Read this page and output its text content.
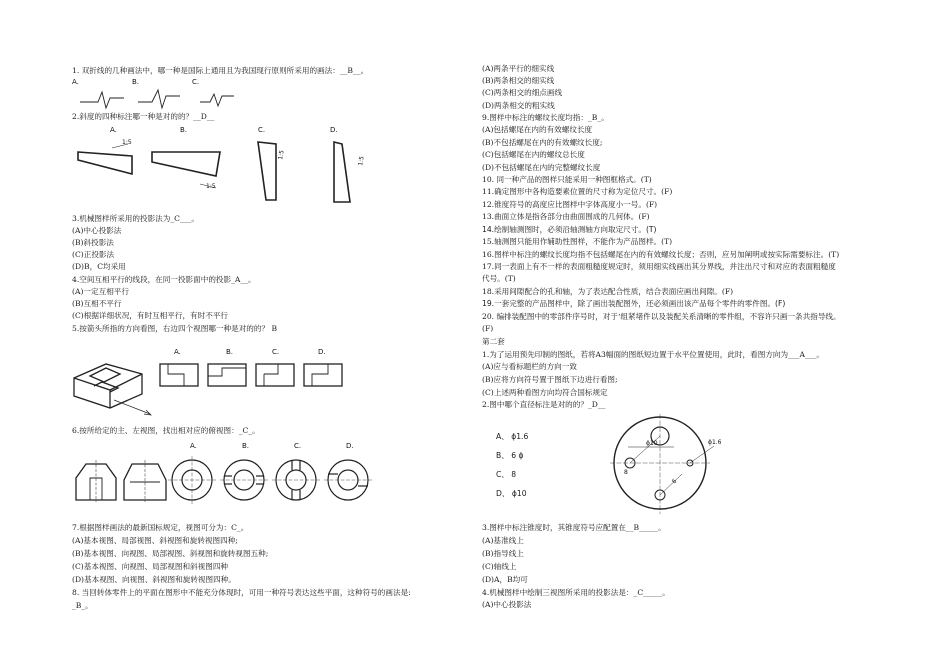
1. 双折线的几种画法中，哪一种是国际上通用且为我国现行原则所采用的画法：__B__。
A.	B.	C.
2.斜度的四种标注哪一种是对的的？__D__
A.	B.	C.	D.
1:5
1:5
1:5
1:5
3.机械图样所采用的投影法为_C___。
(A)中心投影法
(B)斜投影法
(C)正投影法
(D)B，C均采用
4.空间互相平行的线段，在同一投影面中的投影_A__。
(A)一定互相平行
(B)互相不平行
(C)根据详细状况，有时互相平行，有时不平行
5.按箭头所指的方向看图，右边四个视图哪一种是对的的？ B
A.	B.	C.	D.
6.按所给定的主、左视图，找出相对应的俯视图：_C_。
A.	B.	C.	D.
7.根据图样画法的最新国标规定，视图可分为：C_。
(A)基本视图、局部视图、斜视图和旋转视图四种;
(B)基本视图、向视图、局部视图、斜视图和旋转视图五种;
(C)基本视图、向视图、局部视图和斜视图四种
(D)基本视图、向视图、斜视图和旋转视图四种。
8. 当回转体零件上的平面在图形中不能充分体现时，可用一种符号表达这些平面，这种符号的画法是:
_B_。
(A)两条平行的细实线
(B)两条相交的细实线
(C)两条相交的细点画线
(D)两条相交的粗实线
9.图样中标注的螺纹长度均指：_B_。
(A)包括螺尾在内的有效螺纹长度
(B)不包括螺尾在内的有效螺纹长度;
(C)包括螺尾在内的螺纹总长度
(D)不包括螺尾在内的完整螺纹长度
10. 同一种产品的图样只能采用一种图框格式。(T)
11.确定图形中各构造要素位置的尺寸称为定位尺寸。(F)
12.锥度符号的高度应比图样中字体高度小一号。(F)
13.曲面立体是指各部分由曲面围成的几何体。(F)
14.绘制轴测图时，必须沿轴测轴方向取定尺寸。(T)
15.轴测图只能用作辅助性图样，不能作为产品图样。(T)
16.图样中标注的螺纹长度均指不包括螺尾在内的有效螺纹长度；否则，应另加阐明或按实际需要标注。(T)
17.同一表面上有不一样的表面粗糙度规定时，须用细实线画出其分界线，并注出尺寸和对应的表面粗糙度
代号。(T)
18.采用间隙配合的孔和轴，为了表达配合性质，结合表面应画出间隙。(F)
19.一套完整的产品图样中，除了画出装配图外，还必须画出该产品每个零件的零件图。(F)
20. 编排装配图中的零部件序号时，对于‘组紧堵件以及装配关系清晰的零件组，不容许只画一条共指导线。
(F)
第二套
1.为了运用预先印制的图纸，若将A3幅面的图纸短边置于水平位置使用，此时，看图方向为___A___。
(A)应与看标题栏的方向一致
(B)应将方向符号置于图纸下边进行看图;
(C)上述两种看图方向均符合国标规定
2.图中哪个直径标注是对的的？_D__
A、 ϕ1.6
B、 6 ϕ
C、 8
D、 ϕ10
ϕ10	ϕ1.6
8
6
3.图样中标注锥度时，其锥度符号应配置在__B_____。
(A)基准线上
(B)指导线上
(C)轴线上
(D)A，B均可
4.机械图样中绘制三视图所采用的投影法是：_C_____。
(A)中心投影法
